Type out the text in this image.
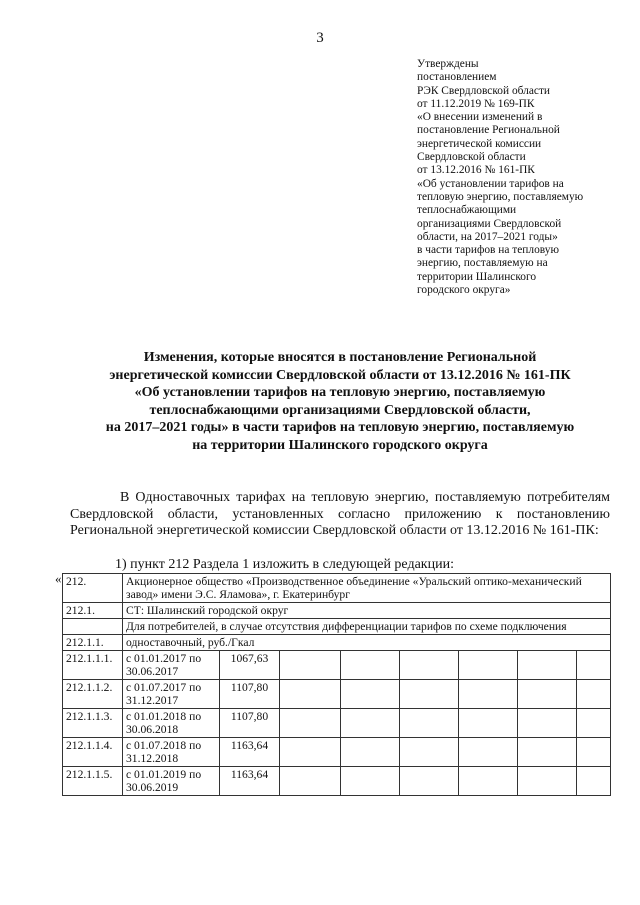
3
Утверждены
постановлением
РЭК Свердловской области
от 11.12.2019 № 169-ПК
«О внесении изменений в
постановление Региональной
энергетической комиссии
Свердловской области
от 13.12.2016 № 161-ПК
«Об установлении тарифов на
тепловую энергию, поставляемую
теплоснабжающими
организациями Свердловской
области, на 2017–2021 годы»
в части тарифов на тепловую
энергию, поставляемую на
территории Шалинского
городского округа»
Изменения, которые вносятся в постановление Региональной
энергетической комиссии Свердловской области от 13.12.2016 № 161-ПК
«Об установлении тарифов на тепловую энергию, поставляемую
теплоснабжающими организациями Свердловской области,
на 2017–2021 годы» в части тарифов на тепловую энергию, поставляемую
на территории Шалинского городского округа

В Одноставочных тарифах на тепловую энергию, поставляемую потребителям Свердловской области, установленных согласно приложению к постановлению Региональной энергетической комиссии Свердловской области от 13.12.2016 № 161-ПК:

1) пункт 212 Раздела 1 изложить в следующей редакции:
« 212.	Акционерное общество «Производственное объединение «Уральский оптико-механический завод» имени Э.С. Яламова», г. Екатеринбург							
212.1.	СТ: Шалинский городской округ							
	Для потребителей, в случае отсутствия дифференциации тарифов по схеме подключения							
212.1.1.	одноставочный, руб./Гкал							
212.1.1.1.	с 01.01.2017 по 30.06.2017	1067,63						
212.1.1.2.	с 01.07.2017 по 31.12.2017	1107,80						
212.1.1.3.	с 01.01.2018 по 30.06.2018	1107,80						
212.1.1.4.	с 01.07.2018 по 31.12.2018	1163,64						
212.1.1.5.	с 01.01.2019 по 30.06.2019	1163,64						
